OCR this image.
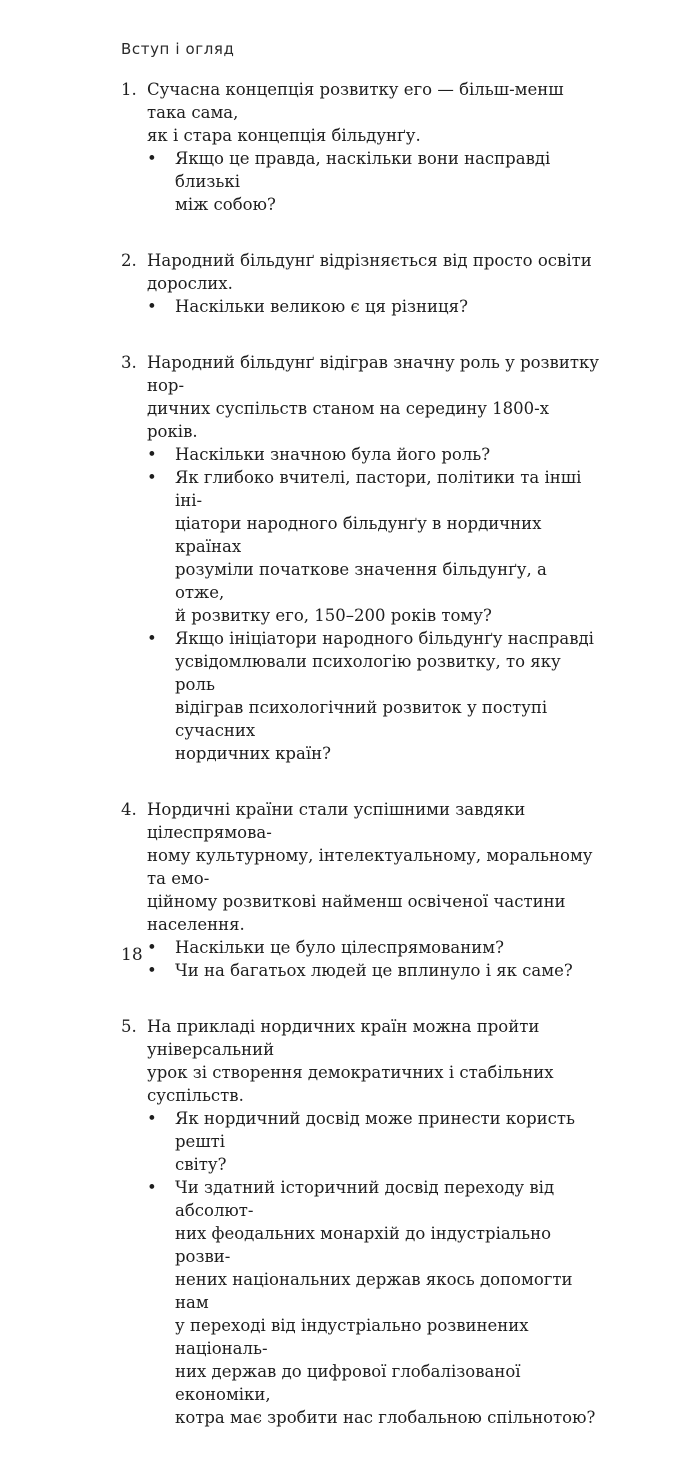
Вступ і огляд
1. Сучасна концепція розвитку его — більш-менш така сама,
як і стара концепція більдунґу.

• Якщо це правда, наскільки вони насправді близькі
між собою?
2. Народний більдунґ відрізняється від просто освіти дорослих.

• Наскільки великою є ця різниця?
3. Народний більдунґ відіграв значну роль у розвитку нор-
дичних суспільств станом на середину 1800-х років.

• Наскільки значною була його роль?
• Як глибоко вчителі, пастори, політики та інші іні-
ціатори народного більдунґу в нордичних країнах
розуміли початкове значення більдунґу, а отже,
й розвитку его, 150–200 років тому?
• Якщо ініціатори народного більдунґу насправді
усвідомлювали психологію розвитку, то яку роль
відіграв психологічний розвиток у поступі сучасних
нордичних країн?
4. Нордичні країни стали успішними завдяки цілеспрямова-
ному культурному, інтелектуальному, моральному та емо-
ційному розвиткові найменш освіченої частини населення.

• Наскільки це було цілеспрямованим?
• Чи на багатьох людей це вплинуло і як саме?
5. На прикладі нордичних країн можна пройти універсальний
урок зі створення демократичних і стабільних суспільств.

• Як нордичний досвід може принести користь решті
світу?
• Чи здатний історичний досвід переходу від абсолют-
них феодальних монархій до індустріально розви-
нених національних держав якось допомогти нам
у переході від індустріально розвинених національ-
них держав до цифрової глобалізованої економіки,
котра має зробити нас глобальною спільнотою?
18
